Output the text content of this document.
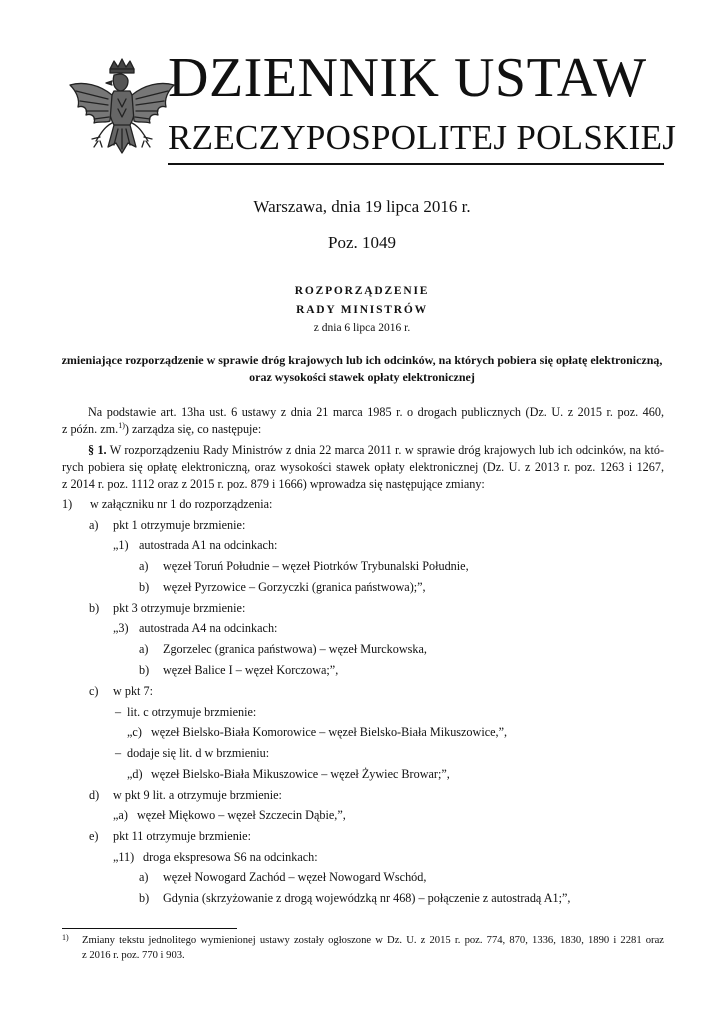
DZIENNIK USTAW
RZECZYPOSPOLITEJ POLSKIEJ
Warszawa, dnia 19 lipca 2016 r.
Poz. 1049
ROZPORZĄDZENIE
RADY MINISTRÓW
z dnia 6 lipca 2016 r.
zmieniające rozporządzenie w sprawie dróg krajowych lub ich odcinków, na których pobiera się opłatę elektroniczną,
oraz wysokości stawek opłaty elektronicznej
Na podstawie art. 13ha ust. 6 ustawy z dnia 21 marca 1985 r. o drogach publicznych (Dz. U. z 2015 r. poz. 460,
z późn. zm.$^{1)}$) zarządza się, co następuje:
§ 1. W rozporządzeniu Rady Ministrów z dnia 22 marca 2011 r. w sprawie dróg krajowych lub ich odcinków, na któ-
rych pobiera się opłatę elektroniczną, oraz wysokości stawek opłaty elektronicznej (Dz. U. z 2013 r. poz. 1263 i 1267,
z 2014 r. poz. 1112 oraz z 2015 r. poz. 879 i 1666) wprowadza się następujące zmiany:
1) w załączniku nr 1 do rozporządzenia:
a) pkt 1 otrzymuje brzmienie:
„1) autostrada A1 na odcinkach:
a) węzeł Toruń Południe – węzeł Piotrków Trybunalski Południe,
b) węzeł Pyrzowice – Gorzyczki (granica państwowa);”,
b) pkt 3 otrzymuje brzmienie:
„3) autostrada A4 na odcinkach:
a) Zgorzelec (granica państwowa) – węzeł Murckowska,
b) węzeł Balice I – węzeł Korczowa;”,
c) w pkt 7:
– lit. c otrzymuje brzmienie:
„c) węzeł Bielsko-Biała Komorowice – węzeł Bielsko-Biała Mikuszowice,”,
– dodaje się lit. d w brzmieniu:
„d) węzeł Bielsko-Biała Mikuszowice – węzeł Żywiec Browar;”,
d) w pkt 9 lit. a otrzymuje brzmienie:
„a) węzeł Miękowo – węzeł Szczecin Dąbie,”,
e) pkt 11 otrzymuje brzmienie:
„11) droga ekspresowa S6 na odcinkach:
a) węzeł Nowogard Zachód – węzeł Nowogard Wschód,
b) Gdynia (skrzyżowanie z drogą wojewódzką nr 468) – połączenie z autostradą A1;”,
1) Zmiany tekstu jednolitego wymienionej ustawy zostały ogłoszone w Dz. U. z 2015 r. poz. 774, 870, 1336, 1830, 1890 i 2281 oraz
z 2016 r. poz. 770 i 903.
